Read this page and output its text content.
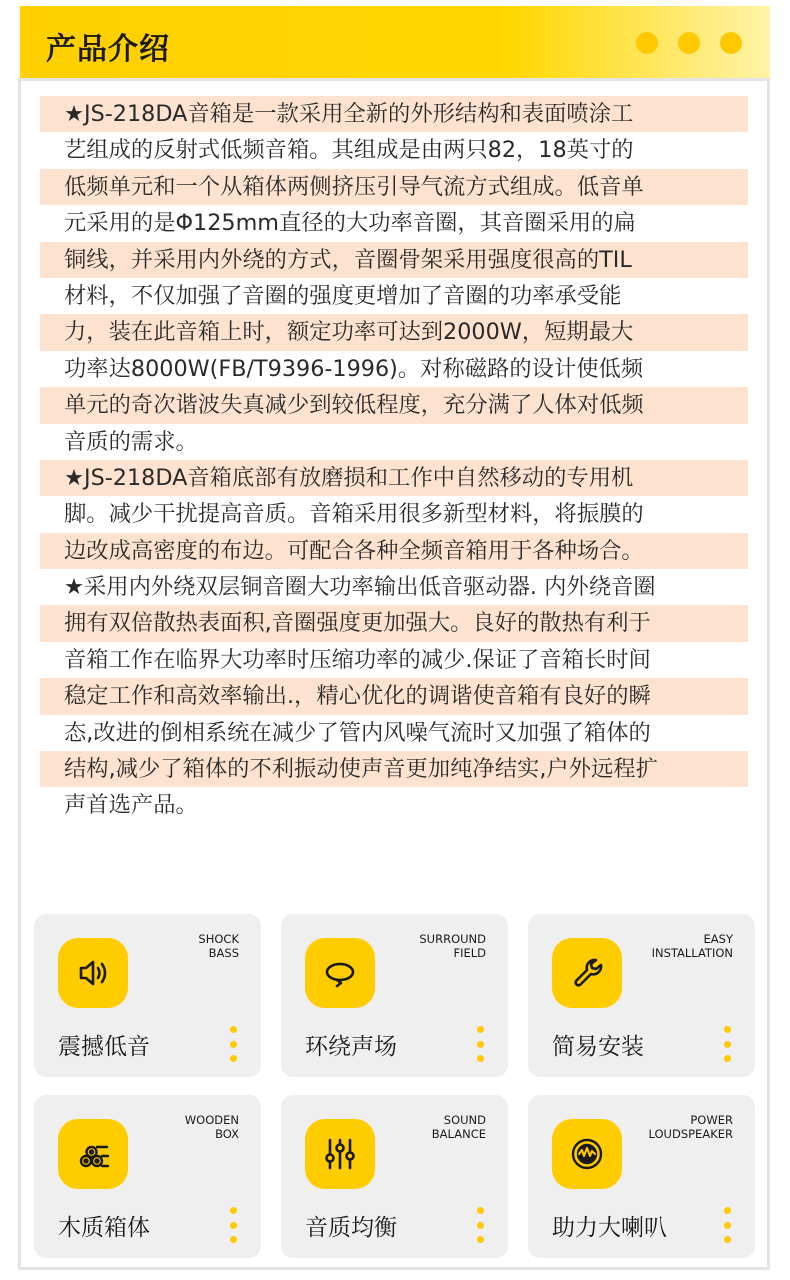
产品介绍
★JS-218DA音箱是一款采用全新的外形结构和表面喷涂工
艺组成的反射式低频音箱。其组成是由两只82，18英寸的
低频单元和一个从箱体两侧挤压引导气流方式组成。低音单
元采用的是Φ125mm直径的大功率音圈，其音圈采用的扁
铜线，并采用内外绕的方式，音圈骨架采用强度很高的TIL
材料，不仅加强了音圈的强度更增加了音圈的功率承受能
力，装在此音箱上时，额定功率可达到2000W，短期最大
功率达8000W(FB/T9396-1996)。对称磁路的设计使低频
单元的奇次谐波失真减少到较低程度，充分满了人体对低频
音质的需求。
★JS-218DA音箱底部有放磨损和工作中自然移动的专用机
脚。减少干扰提高音质。音箱采用很多新型材料，将振膜的
边改成高密度的布边。可配合各种全频音箱用于各种场合。
★采用内外绕双层铜音圈大功率输出低音驱动器. 内外绕音圈
拥有双倍散热表面积,音圈强度更加强大。良好的散热有利于
音箱工作在临界大功率时压缩功率的减少.保证了音箱长时间
稳定工作和高效率输出.，精心优化的调谐使音箱有良好的瞬
态,改进的倒相系统在减少了管内风噪气流时又加强了箱体的
结构,减少了箱体的不利振动使声音更加纯净结实,户外远程扩
声首选产品。
SHOCK
BASS
震撼低音
SURROUND
FIELD
环绕声场
EASY
INSTALLATION
简易安装
WOODEN
BOX
木质箱体
SOUND
BALANCE
音质均衡
POWER
LOUDSPEAKER
助力大喇叭
